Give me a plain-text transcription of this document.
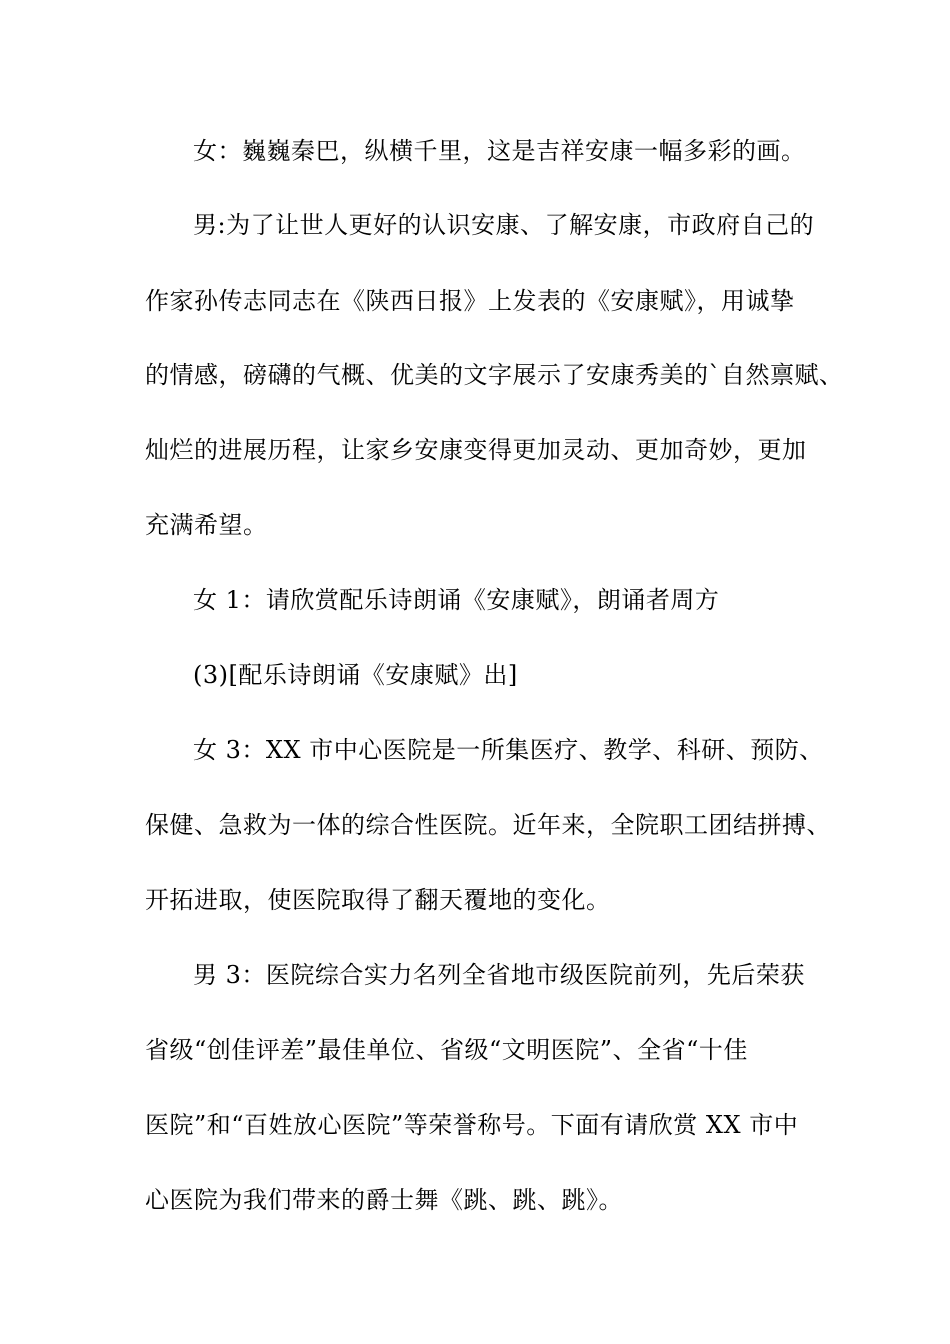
女：巍巍秦巴，纵横千里，这是吉祥安康一幅多彩的画。
男:为了让世人更好的认识安康、了解安康，市政府自己的
作家孙传志同志在《陕西日报》上发表的《安康赋》，用诚挚
的情感，磅礴的气概、优美的文字展示了安康秀美的`自然禀赋、
灿烂的进展历程，让家乡安康变得更加灵动、更加奇妙，更加
充满希望。
女 1：请欣赏配乐诗朗诵《安康赋》，朗诵者周方
(3)[配乐诗朗诵《安康赋》出]
女 3：XX 市中心医院是一所集医疗、教学、科研、预防、
保健、急救为一体的综合性医院。近年来，全院职工团结拼搏、
开拓进取，使医院取得了翻天覆地的变化。
男 3：医院综合实力名列全省地市级医院前列，先后荣获
省级“创佳评差”最佳单位、省级“文明医院”、全省“十佳
医院”和“百姓放心医院”等荣誉称号。下面有请欣赏 XX 市中
心医院为我们带来的爵士舞《跳、跳、跳》。
